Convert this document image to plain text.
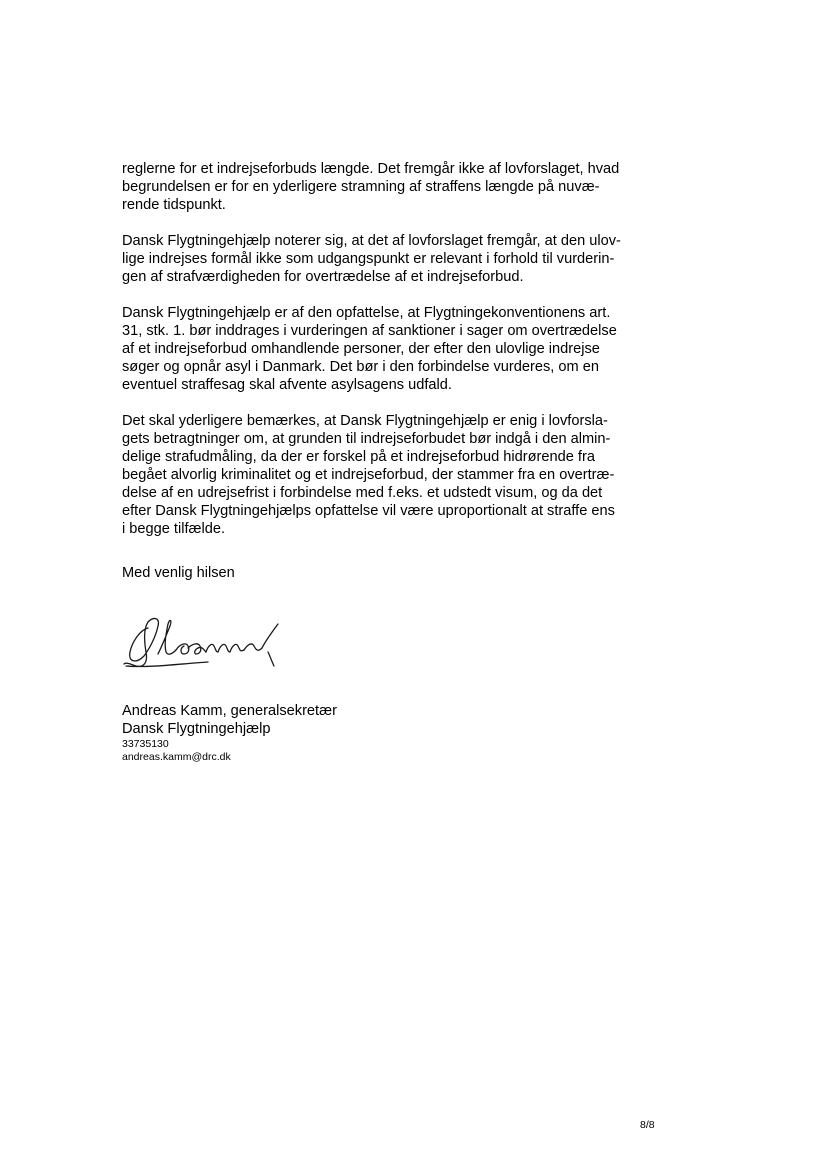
reglerne for et indrejseforbuds længde. Det fremgår ikke af lovforslaget, hvad
begrundelsen er for en yderligere stramning af straffens længde på nuvæ-
rende tidspunkt.

Dansk Flygtningehjælp noterer sig, at det af lovforslaget fremgår, at den ulov-
lige indrejses formål ikke som udgangspunkt er relevant i forhold til vurderin-
gen af strafværdigheden for overtrædelse af et indrejseforbud.

Dansk Flygtningehjælp er af den opfattelse, at Flygtningekonventionens art.
31, stk. 1. bør inddrages i vurderingen af sanktioner i sager om overtrædelse
af et indrejseforbud omhandlende personer, der efter den ulovlige indrejse
søger og opnår asyl i Danmark. Det bør i den forbindelse vurderes, om en
eventuel straffesag skal afvente asylsagens udfald.

Det skal yderligere bemærkes, at Dansk Flygtningehjælp er enig i lovforsla-
gets betragtninger om, at grunden til indrejseforbudet bør indgå i den almin-
delige strafudmåling, da der er forskel på et indrejseforbud hidrørende fra
begået alvorlig kriminalitet og et indrejseforbud, der stammer fra en overtræ-
delse af en udrejsefrist i forbindelse med f.eks. et udstedt visum, og da det
efter Dansk Flygtningehjælps opfattelse vil være uproportionalt at straffe ens
i begge tilfælde.

Med venlig hilsen
Andreas Kamm, generalsekretær
Dansk Flygtningehjælp
33735130
andreas.kamm@drc.dk
8/8
